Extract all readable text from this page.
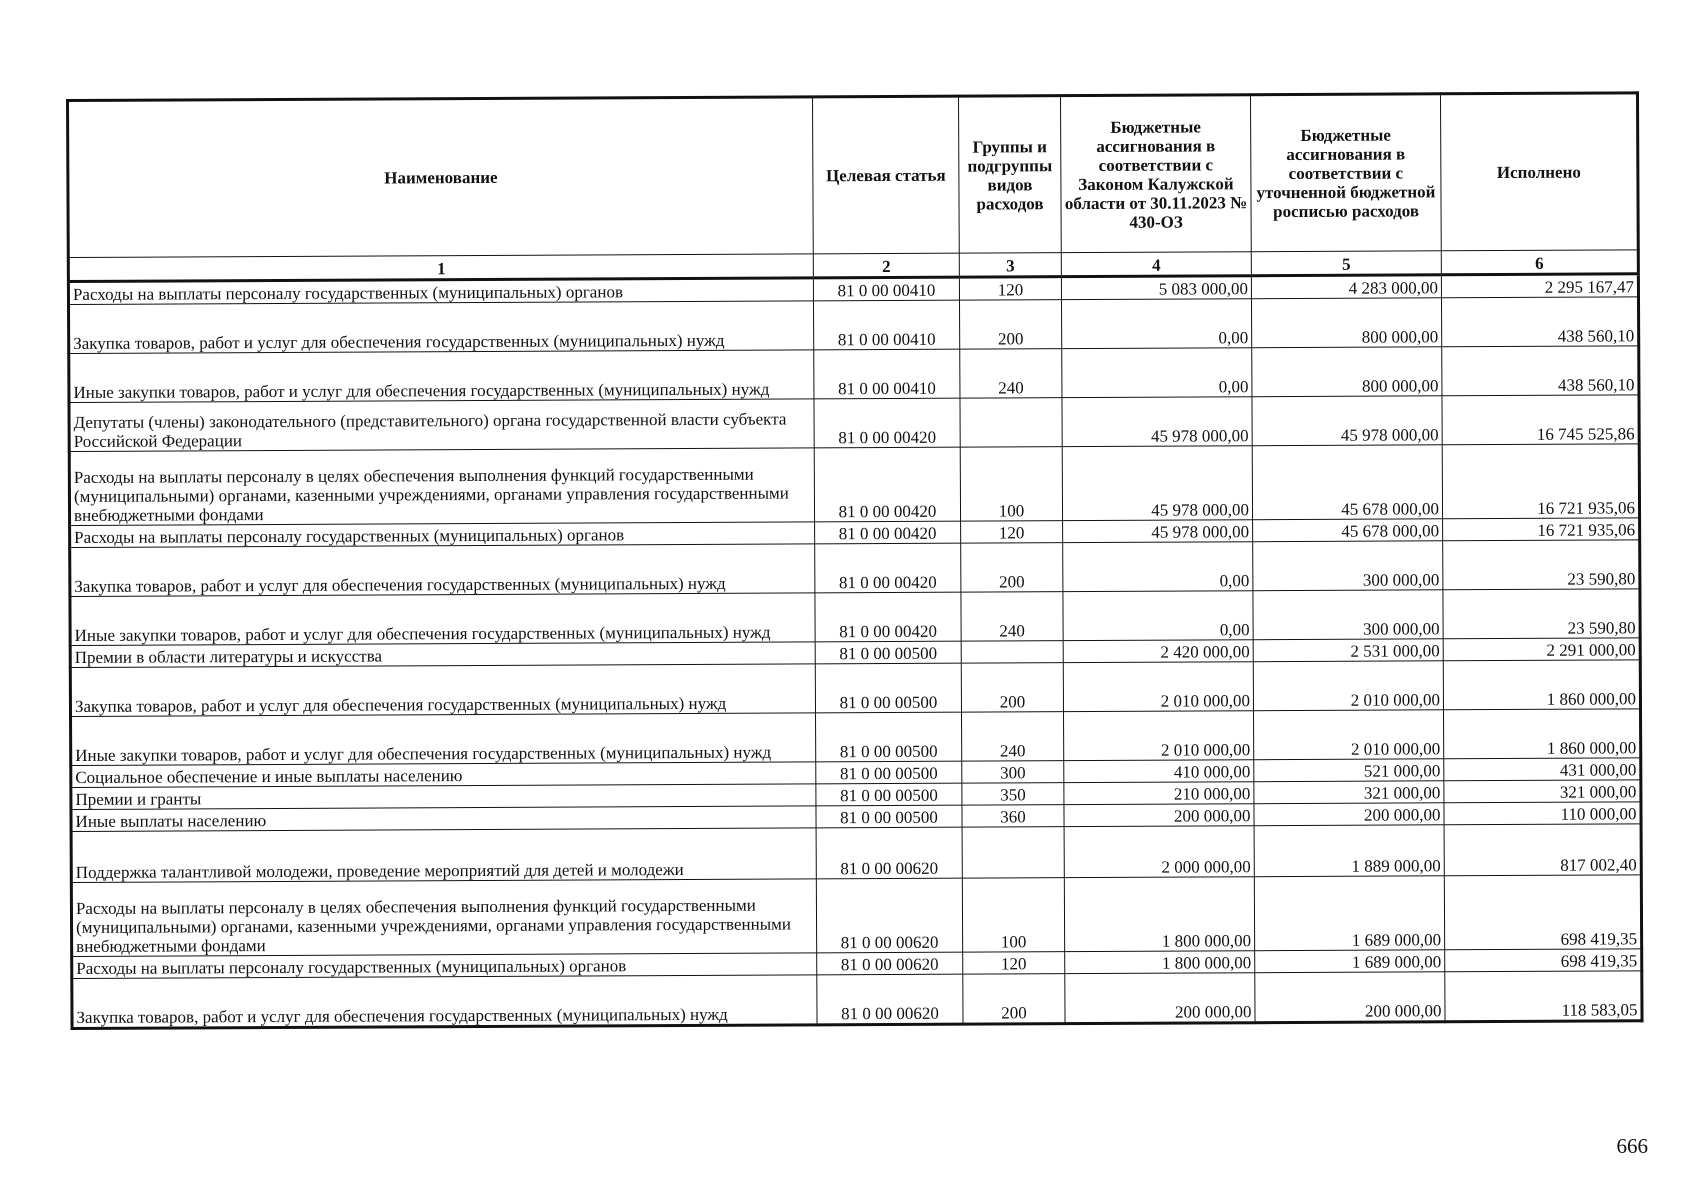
Наименование	Целевая статья	Группы и подгруппы видов расходов	Бюджетные ассигнования в соответствии с Законом Калужской области от 30.11.2023 № 430-ОЗ	Бюджетные ассигнования в соответствии с уточненной бюджетной росписью расходов	Исполнено
1	2	3	4	5	6
Расходы на выплаты персоналу государственных (муниципальных) органов	81 0 00 00410	120	5 083 000,00	4 283 000,00	2 295 167,47
Закупка товаров, работ и услуг для обеспечения государственных (муниципальных) нужд	81 0 00 00410	200	0,00	800 000,00	438 560,10
Иные закупки товаров, работ и услуг для обеспечения государственных (муниципальных) нужд	81 0 00 00410	240	0,00	800 000,00	438 560,10
Депутаты (члены) законодательного (представительного) органа государственной власти субъекта Российской Федерации	81 0 00 00420		45 978 000,00	45 978 000,00	16 745 525,86
Расходы на выплаты персоналу в целях обеспечения выполнения функций государственными (муниципальными) органами, казенными учреждениями, органами управления государственными внебюджетными фондами	81 0 00 00420	100	45 978 000,00	45 678 000,00	16 721 935,06
Расходы на выплаты персоналу государственных (муниципальных) органов	81 0 00 00420	120	45 978 000,00	45 678 000,00	16 721 935,06
Закупка товаров, работ и услуг для обеспечения государственных (муниципальных) нужд	81 0 00 00420	200	0,00	300 000,00	23 590,80
Иные закупки товаров, работ и услуг для обеспечения государственных (муниципальных) нужд	81 0 00 00420	240	0,00	300 000,00	23 590,80
Премии в области литературы и искусства	81 0 00 00500		2 420 000,00	2 531 000,00	2 291 000,00
Закупка товаров, работ и услуг для обеспечения государственных (муниципальных) нужд	81 0 00 00500	200	2 010 000,00	2 010 000,00	1 860 000,00
Иные закупки товаров, работ и услуг для обеспечения государственных (муниципальных) нужд	81 0 00 00500	240	2 010 000,00	2 010 000,00	1 860 000,00
Социальное обеспечение и иные выплаты населению	81 0 00 00500	300	410 000,00	521 000,00	431 000,00
Премии и гранты	81 0 00 00500	350	210 000,00	321 000,00	321 000,00
Иные выплаты населению	81 0 00 00500	360	200 000,00	200 000,00	110 000,00
Поддержка талантливой молодежи, проведение мероприятий для детей и молодежи	81 0 00 00620		2 000 000,00	1 889 000,00	817 002,40
Расходы на выплаты персоналу в целях обеспечения выполнения функций государственными (муниципальными) органами, казенными учреждениями, органами управления государственными внебюджетными фондами	81 0 00 00620	100	1 800 000,00	1 689 000,00	698 419,35
Расходы на выплаты персоналу государственных (муниципальных) органов	81 0 00 00620	120	1 800 000,00	1 689 000,00	698 419,35
Закупка товаров, работ и услуг для обеспечения государственных (муниципальных) нужд	81 0 00 00620	200	200 000,00	200 000,00	118 583,05
666
